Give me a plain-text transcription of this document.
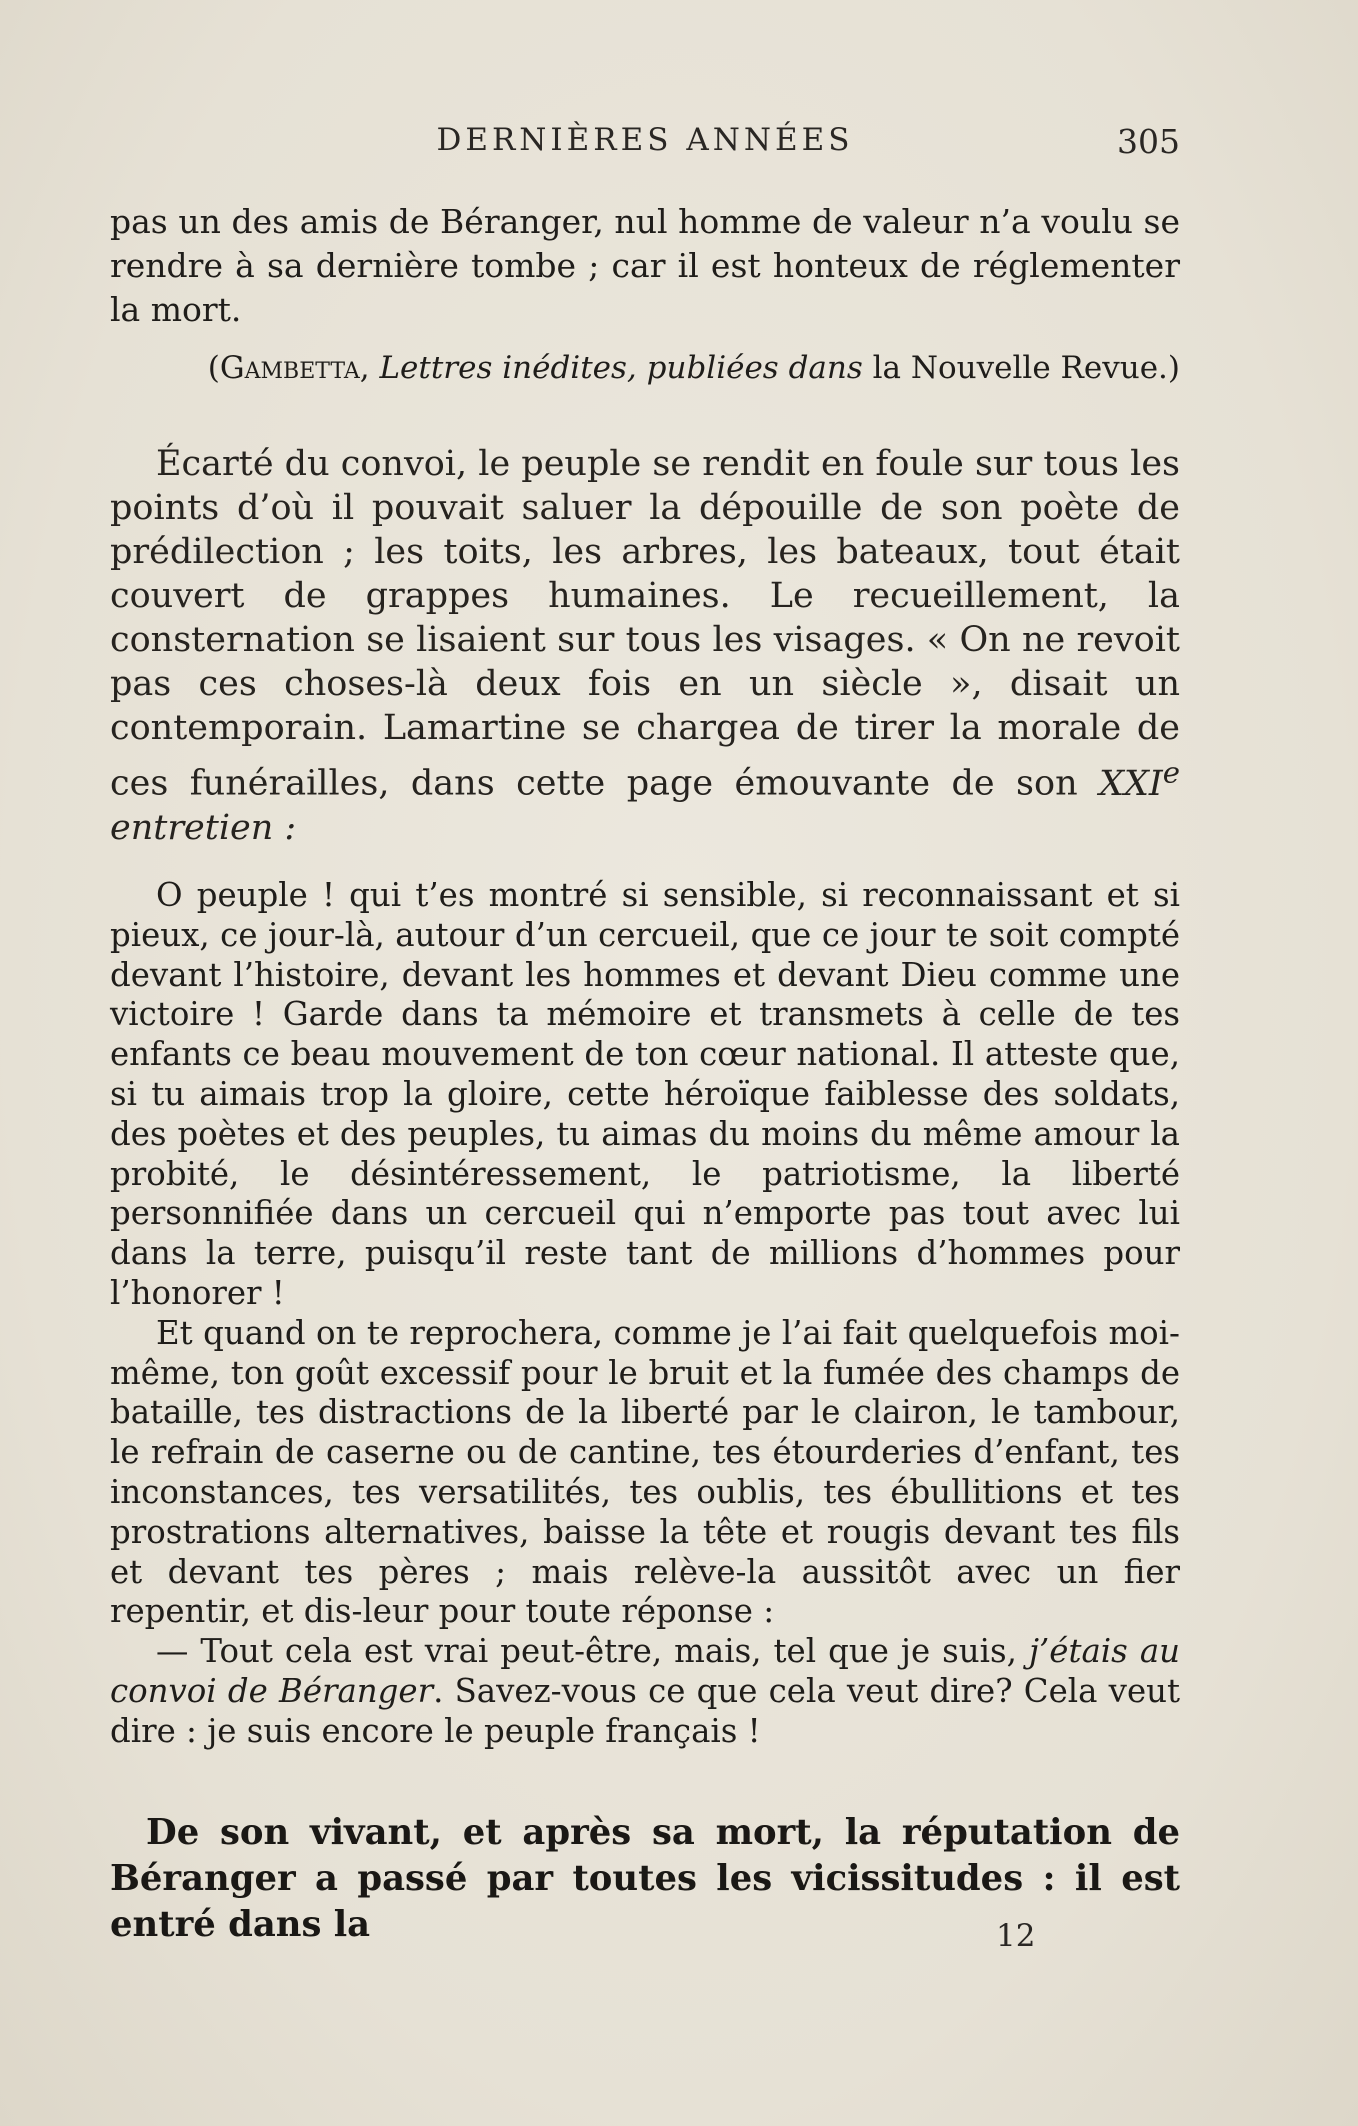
DERNIÈRES ANNÉES	305

pas un des amis de Béranger, nul homme de valeur n’a voulu se rendre à sa dernière tombe ; car il est honteux de réglementer la mort.

(Gambetta, Lettres inédites, publiées dans la Nouvelle Revue.)

Écarté du convoi, le peuple se rendit en foule sur tous les points d’où il pouvait saluer la dépouille de son poète de prédilection ; les toits, les arbres, les bateaux, tout était couvert de grappes humaines. Le recueillement, la consternation se lisaient sur tous les visages. « On ne revoit pas ces choses-là deux fois en un siècle », disait un contemporain. Lamartine se chargea de tirer la morale de ces funérailles, dans cette page émouvante de son XXIe entretien :

O peuple ! qui t’es montré si sensible, si reconnaissant et si pieux, ce jour-là, autour d’un cercueil, que ce jour te soit compté devant l’histoire, devant les hommes et devant Dieu comme une victoire ! Garde dans ta mémoire et transmets à celle de tes enfants ce beau mouvement de ton cœur national. Il atteste que, si tu aimais trop la gloire, cette héroïque faiblesse des soldats, des poètes et des peuples, tu aimas du moins du même amour la probité, le désintéressement, le patriotisme, la liberté personnifiée dans un cercueil qui n’emporte pas tout avec lui dans la terre, puisqu’il reste tant de millions d’hommes pour l’honorer !

Et quand on te reprochera, comme je l’ai fait quelquefois moi-même, ton goût excessif pour le bruit et la fumée des champs de bataille, tes distractions de la liberté par le clairon, le tambour, le refrain de caserne ou de cantine, tes étourderies d’enfant, tes inconstances, tes versatilités, tes oublis, tes ébullitions et tes prostrations alternatives, baisse la tête et rougis devant tes fils et devant tes pères ; mais relève-la aussitôt avec un fier repentir, et dis-leur pour toute réponse :

— Tout cela est vrai peut-être, mais, tel que je suis, j’étais au convoi de Béranger. Savez-vous ce que cela veut dire? Cela veut dire : je suis encore le peuple français !

De son vivant, et après sa mort, la réputation de Béranger a passé par toutes les vicissitudes : il est entré dans la	12
